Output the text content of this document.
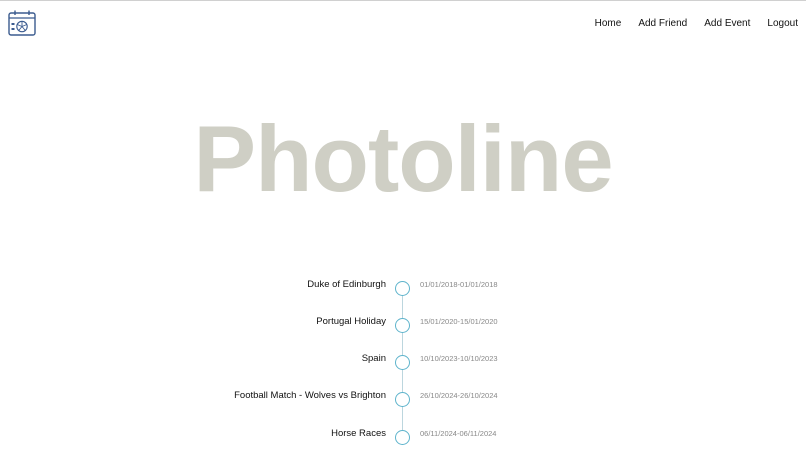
Home Add Friend Add Event Logout
Photoline
Duke of Edinburgh	01/01/2018-01/01/2018
Portugal Holiday	15/01/2020-15/01/2020
Spain	10/10/2023-10/10/2023
Football Match - Wolves vs Brighton	26/10/2024-26/10/2024
Horse Races	06/11/2024-06/11/2024
